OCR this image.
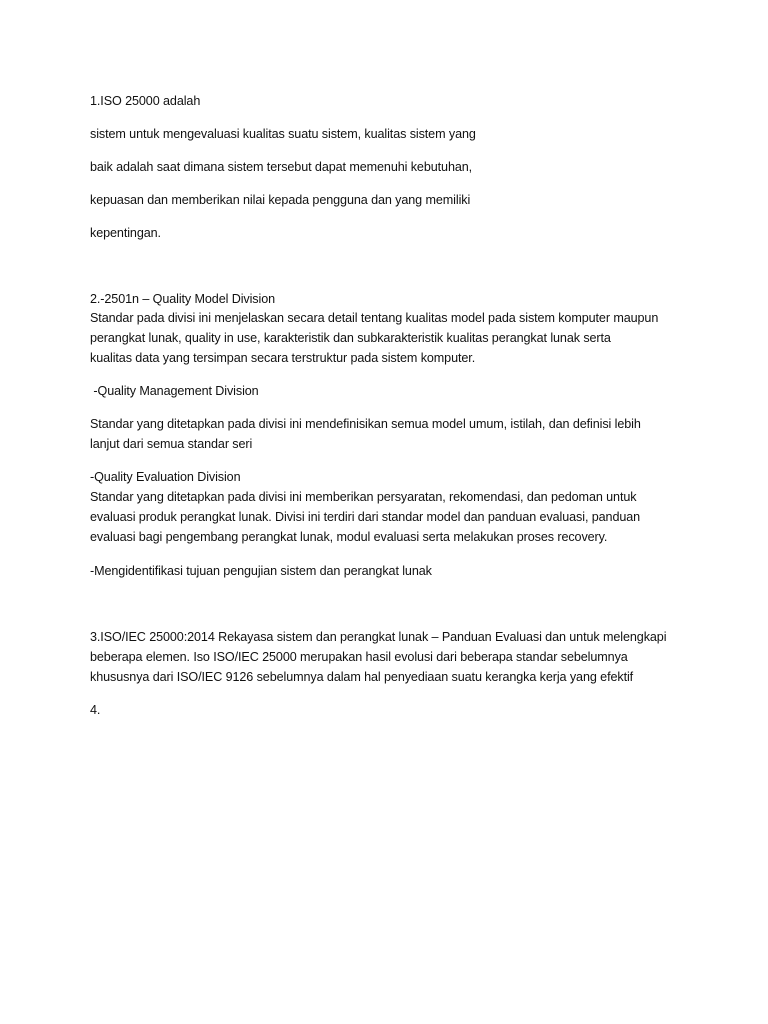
1.ISO 25000 adalah
sistem untuk mengevaluasi kualitas suatu sistem, kualitas sistem yang
baik adalah saat dimana sistem tersebut dapat memenuhi kebutuhan,
kepuasan dan memberikan nilai kepada pengguna dan yang memiliki
kepentingan.
2.-2501n – Quality Model Division
Standar pada divisi ini menjelaskan secara detail tentang kualitas model pada sistem komputer maupun
perangkat lunak, quality in use, karakteristik dan subkarakteristik kualitas perangkat lunak serta
kualitas data yang tersimpan secara terstruktur pada sistem komputer.
-Quality Management Division
Standar yang ditetapkan pada divisi ini mendefinisikan semua model umum, istilah, dan definisi lebih
lanjut dari semua standar seri
-Quality Evaluation Division
Standar yang ditetapkan pada divisi ini memberikan persyaratan, rekomendasi, dan pedoman untuk
evaluasi produk perangkat lunak. Divisi ini terdiri dari standar model dan panduan evaluasi, panduan
evaluasi bagi pengembang perangkat lunak, modul evaluasi serta melakukan proses recovery.
-Mengidentifikasi tujuan pengujian sistem dan perangkat lunak
3.ISO/IEC 25000:2014 Rekayasa sistem dan perangkat lunak – Panduan Evaluasi dan untuk melengkapi
beberapa elemen. Iso ISO/IEC 25000 merupakan hasil evolusi dari beberapa standar sebelumnya
khususnya dari ISO/IEC 9126 sebelumnya dalam hal penyediaan suatu kerangka kerja yang efektif
4.
